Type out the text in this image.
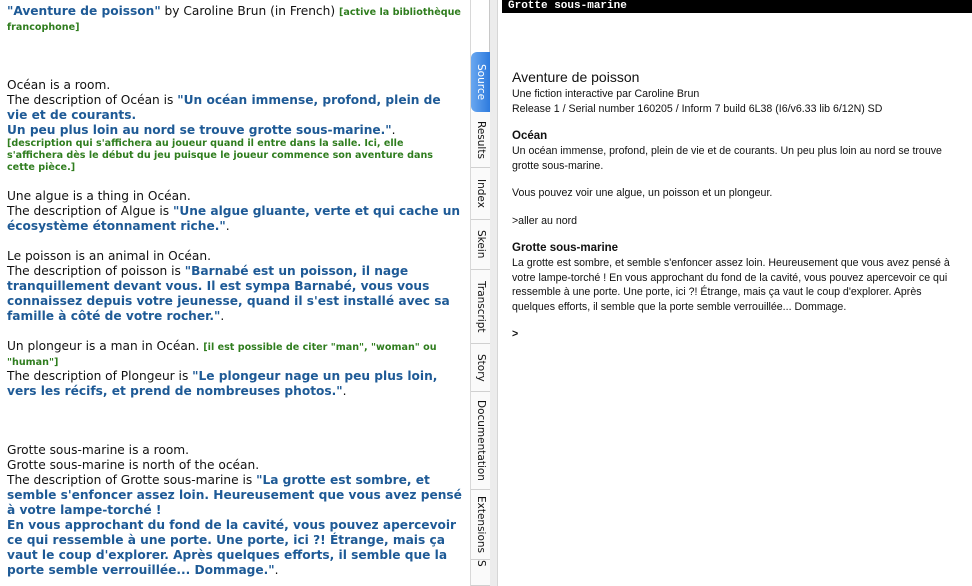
"Aventure de poisson" by Caroline Brun (in French) [active la bibliothèque francophone]
Océan is a room.
The description of Océan is "Un océan immense, profond, plein de vie et de courants.
Un peu plus loin au nord se trouve grotte sous-marine.".
[description qui s'affichera au joueur quand il entre dans la salle. Ici, elle s'affichera dès le début du jeu puisque le joueur commence son aventure dans cette pièce.]
Une algue is a thing in Océan.
The description of Algue is "Une algue gluante, verte et qui cache un écosystème étonnament riche.".
Le poisson is an animal in Océan.
The description of poisson is "Barnabé est un poisson, il nage tranquillement devant vous. Il est sympa Barnabé, vous vous connaissez depuis votre jeunesse, quand il s'est installé avec sa famille à côté de votre rocher.".
Un plongeur is a man in Océan. [il est possible de citer "man", "woman" ou "human"]
The description of Plongeur is "Le plongeur nage un peu plus loin, vers les récifs, et prend de nombreuses photos.".
Grotte sous-marine is a room.
Grotte sous-marine is north of the océan.
The description of Grotte sous-marine is "La grotte est sombre, et semble s'enfoncer assez loin. Heureusement que vous avez pensé à votre lampe-torché !
En vous approchant du fond de la cavité, vous pouvez apercevoir ce qui ressemble à une porte. Une porte, ici ?! Étrange, mais ça vaut le coup d'explorer. Après quelques efforts, il semble que la porte semble verrouillée... Dommage.".
Source
Results
Index
Skein
Transcript
Story
Documentation
Extensions
S
Grotte sous-marine
Aventure de poisson
Une fiction interactive par Caroline Brun
Release 1 / Serial number 160205 / Inform 7 build 6L38 (I6/v6.33 lib 6/12N) SD
Océan
Un océan immense, profond, plein de vie et de courants. Un peu plus loin au nord se trouve grotte sous-marine.
Vous pouvez voir une algue, un poisson et un plongeur.
>aller au nord
Grotte sous-marine
La grotte est sombre, et semble s'enfoncer assez loin. Heureusement que vous avez pensé à votre lampe-torché ! En vous approchant du fond de la cavité, vous pouvez apercevoir ce qui ressemble à une porte. Une porte, ici ?! Étrange, mais ça vaut le coup d'explorer. Après quelques efforts, il semble que la porte semble verrouillée... Dommage.
>
